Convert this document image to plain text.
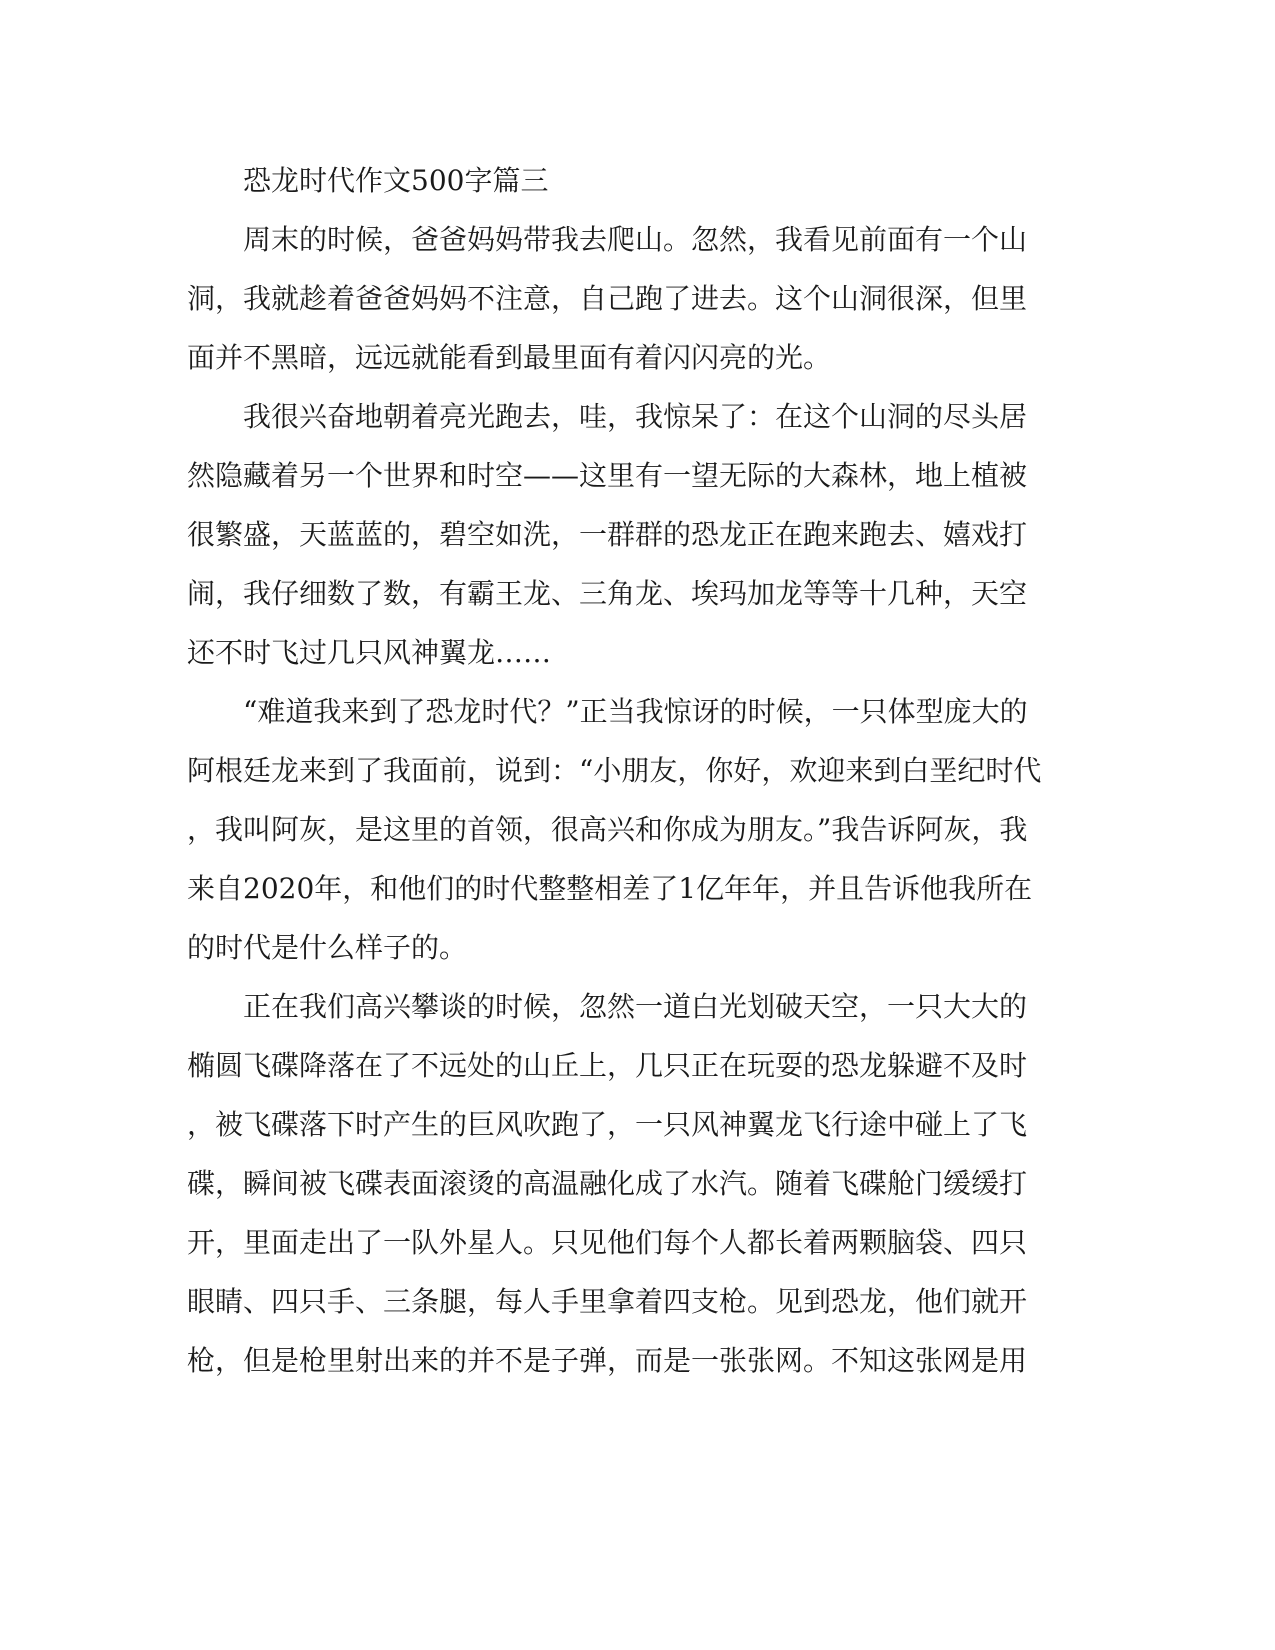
　　恐龙时代作文500字篇三
　　周末的时候，爸爸妈妈带我去爬山。忽然，我看见前面有一个山
洞，我就趁着爸爸妈妈不注意，自己跑了进去。这个山洞很深，但里
面并不黑暗，远远就能看到最里面有着闪闪亮的光。
　　我很兴奋地朝着亮光跑去，哇，我惊呆了：在这个山洞的尽头居
然隐藏着另一个世界和时空——这里有一望无际的大森林，地上植被
很繁盛，天蓝蓝的，碧空如洗，一群群的恐龙正在跑来跑去、嬉戏打
闹，我仔细数了数，有霸王龙、三角龙、埃玛加龙等等十几种，天空
还不时飞过几只风神翼龙……
　　“难道我来到了恐龙时代？”正当我惊讶的时候，一只体型庞大的
阿根廷龙来到了我面前，说到：“小朋友，你好，欢迎来到白垩纪时代
，我叫阿灰，是这里的首领，很高兴和你成为朋友。”我告诉阿灰，我
来自2020年，和他们的时代整整相差了1亿年年，并且告诉他我所在
的时代是什么样子的。
　　正在我们高兴攀谈的时候，忽然一道白光划破天空，一只大大的
椭圆飞碟降落在了不远处的山丘上，几只正在玩耍的恐龙躲避不及时
，被飞碟落下时产生的巨风吹跑了，一只风神翼龙飞行途中碰上了飞
碟，瞬间被飞碟表面滚烫的高温融化成了水汽。随着飞碟舱门缓缓打
开，里面走出了一队外星人。只见他们每个人都长着两颗脑袋、四只
眼睛、四只手、三条腿，每人手里拿着四支枪。见到恐龙，他们就开
枪，但是枪里射出来的并不是子弹，而是一张张网。不知这张网是用
